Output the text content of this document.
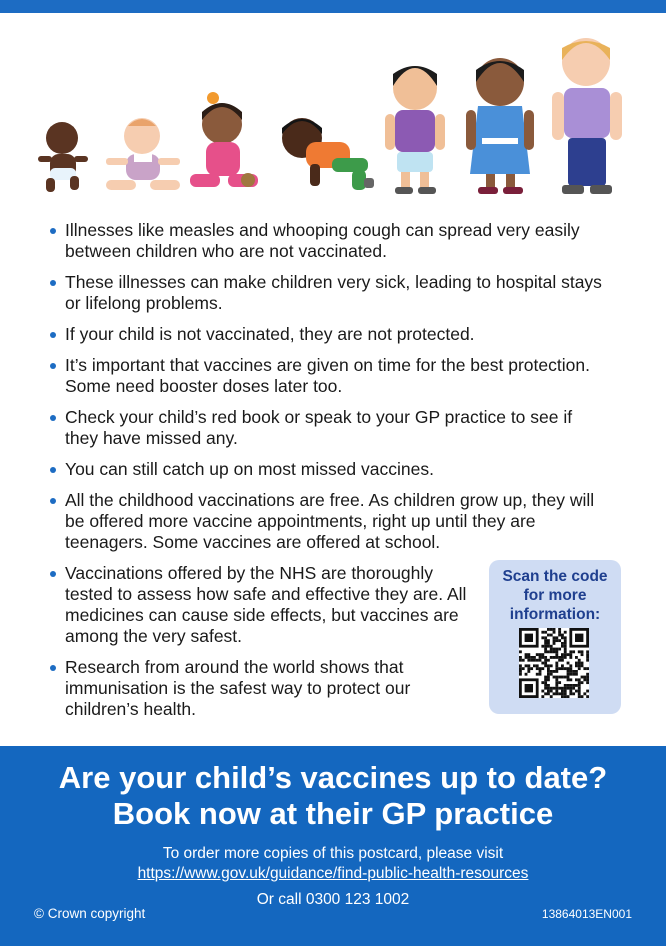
Illnesses like measles and whooping cough can spread very easily between children who are not vaccinated.
These illnesses can make children very sick, leading to hospital stays or lifelong problems.
If your child is not vaccinated, they are not protected.
It’s important that vaccines are given on time for the best protection. Some need booster doses later too.
Check your child’s red book or speak to your GP practice to see if they have missed any.
You can still catch up on most missed vaccines.
All the childhood vaccinations are free. As children grow up, they will be offered more vaccine appointments, right up until they are teenagers. Some vaccines are offered at school.
Vaccinations offered by the NHS are thoroughly tested to assess how safe and effective they are. All medicines can cause side effects, but vaccines are among the very safest.
Research from around the world shows that immunisation is the safest way to protect our children’s health.
Scan the code
for more
information:
Are your child’s vaccines up to date?
Book now at their GP practice
To order more copies of this postcard, please visit
https://www.gov.uk/guidance/find-public-health-resources
Or call 0300 123 1002
© Crown copyright	13864013EN001
